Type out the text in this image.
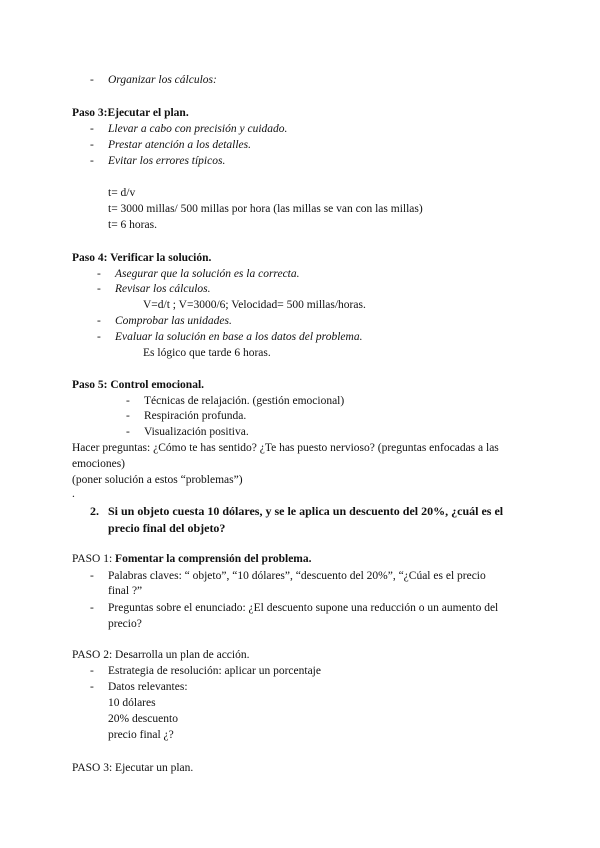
- Organizar los cálculos:
Paso 3:Ejecutar el plan.
- Llevar a cabo con precisión y cuidado.
- Prestar atención a los detalles.
- Evitar los errores típicos.
t= d/v
t= 3000 millas/ 500 millas por hora (las millas se van con las millas)
t= 6 horas.
Paso 4: Verificar la solución.
- Asegurar que la solución es la correcta.
- Revisar los cálculos.
V=d/t ; V=3000/6; Velocidad= 500 millas/horas.
- Comprobar las unidades.
- Evaluar la solución en base a los datos del problema.
Es lógico que tarde 6 horas.
Paso 5: Control emocional.
- Técnicas de relajación. (gestión emocional)
- Respiración profunda.
- Visualización positiva.
Hacer preguntas: ¿Cómo te has sentido? ¿Te has puesto nervioso? (preguntas enfocadas a las
emociones)
(poner solución a estos “problemas”)
.
2. Si un objeto cuesta 10 dólares, y se le aplica un descuento del 20%, ¿cuál es el
precio final del objeto?
PASO 1: Fomentar la comprensión del problema.
- Palabras claves: “ objeto”, “10 dólares”, “descuento del 20%”, “¿Cúal es el precio
final ?”
- Preguntas sobre el enunciado: ¿El descuento supone una reducción o un aumento del
precio?
PASO 2: Desarrolla un plan de acción.
- Estrategia de resolución: aplicar un porcentaje
- Datos relevantes:
10 dólares
20% descuento
precio final ¿?
PASO 3: Ejecutar un plan.
